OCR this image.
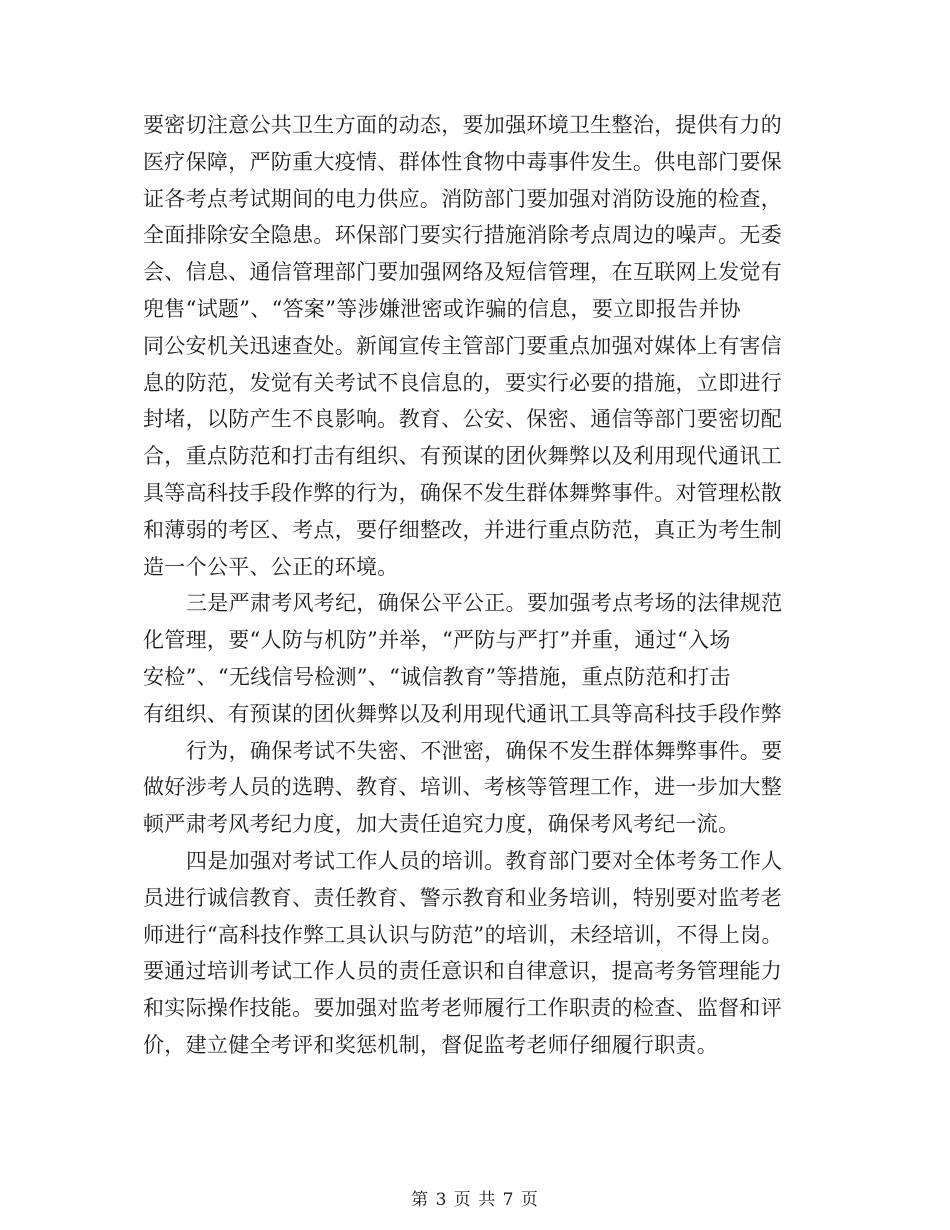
要密切注意公共卫生方面的动态，要加强环境卫生整治，提供有力的
医疗保障，严防重大疫情、群体性食物中毒事件发生。供电部门要保
证各考点考试期间的电力供应。消防部门要加强对消防设施的检查，
全面排除安全隐患。环保部门要实行措施消除考点周边的噪声。无委
会、信息、通信管理部门要加强网络及短信管理，在互联网上发觉有
兜售“试题”、“答案”等涉嫌泄密或诈骗的信息，要立即报告并协
同公安机关迅速查处。新闻宣传主管部门要重点加强对媒体上有害信
息的防范，发觉有关考试不良信息的，要实行必要的措施，立即进行
封堵，以防产生不良影响。教育、公安、保密、通信等部门要密切配
合，重点防范和打击有组织、有预谋的团伙舞弊以及利用现代通讯工
具等高科技手段作弊的行为，确保不发生群体舞弊事件。对管理松散
和薄弱的考区、考点，要仔细整改，并进行重点防范，真正为考生制
造一个公平、公正的环境。
三是严肃考风考纪，确保公平公正。要加强考点考场的法律规范
化管理，要“人防与机防”并举，“严防与严打”并重，通过“入场
安检”、“无线信号检测”、“诚信教育”等措施，重点防范和打击
有组织、有预谋的团伙舞弊以及利用现代通讯工具等高科技手段作弊
行为，确保考试不失密、不泄密，确保不发生群体舞弊事件。要
做好涉考人员的选聘、教育、培训、考核等管理工作，进一步加大整
顿严肃考风考纪力度，加大责任追究力度，确保考风考纪一流。
四是加强对考试工作人员的培训。教育部门要对全体考务工作人
员进行诚信教育、责任教育、警示教育和业务培训，特别要对监考老
师进行“高科技作弊工具认识与防范”的培训，未经培训，不得上岗。
要通过培训考试工作人员的责任意识和自律意识，提高考务管理能力
和实际操作技能。要加强对监考老师履行工作职责的检查、监督和评
价，建立健全考评和奖惩机制，督促监考老师仔细履行职责。
第 3 页 共 7 页
